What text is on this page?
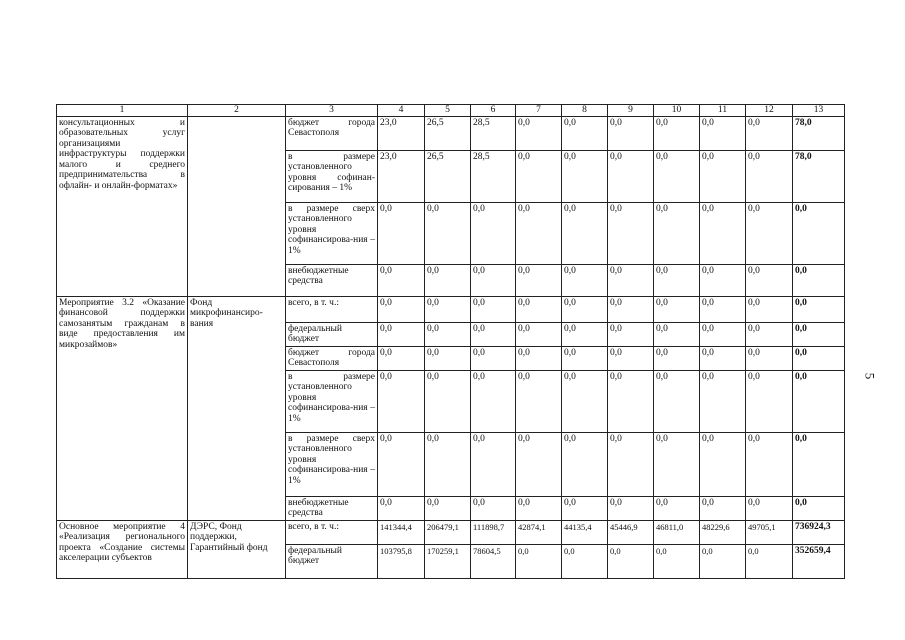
1	2	3	4	5	6	7	8	9	10	11	12	13
консультационных и образовательных услуг организациями инфраструктуры поддержки малого и среднего предпринимательства в офлайн- и онлайн-форматах»		бюджет города Севастополя	23,0	26,5	28,5	0,0	0,0	0,0	0,0	0,0	0,0	78,0
		в размере установленного уровня софинан-сирования – 1%	23,0	26,5	28,5	0,0	0,0	0,0	0,0	0,0	0,0	78,0
		в размере сверх установленного уровня софинансирова-ния – 1%	0,0	0,0	0,0	0,0	0,0	0,0	0,0	0,0	0,0	0,0
		внебюджетные средства	0,0	0,0	0,0	0,0	0,0	0,0	0,0	0,0	0,0	0,0
Мероприятие 3.2 «Оказание финансовой поддержки самозанятым гражданам в виде предоставления им микрозаймов»	Фонд микрофинансиро-вания	всего, в т. ч.:	0,0	0,0	0,0	0,0	0,0	0,0	0,0	0,0	0,0	0,0
		федеральный бюджет	0,0	0,0	0,0	0,0	0,0	0,0	0,0	0,0	0,0	0,0
		бюджет города Севастополя	0,0	0,0	0,0	0,0	0,0	0,0	0,0	0,0	0,0	0,0
		в размере установленного уровня софинансирова-ния – 1%	0,0	0,0	0,0	0,0	0,0	0,0	0,0	0,0	0,0	0,0
		в размере сверх установленного уровня софинансирова-ния – 1%	0,0	0,0	0,0	0,0	0,0	0,0	0,0	0,0	0,0	0,0
		внебюджетные средства	0,0	0,0	0,0	0,0	0,0	0,0	0,0	0,0	0,0	0,0
Основное мероприятие 4 «Реализация регионального проекта «Создание системы акселерации субъектов	ДЭРС, Фонд поддержки, Гарантийный фонд	всего, в т. ч.:	141344,4	206479,1	111898,7	42874,1	44135,4	45446,9	46811,0	48229,6	49705,1	736924,3
		федеральный бюджет	103795,8	170259,1	78604,5	0,0	0,0	0,0	0,0	0,0	0,0	352659,4
5
